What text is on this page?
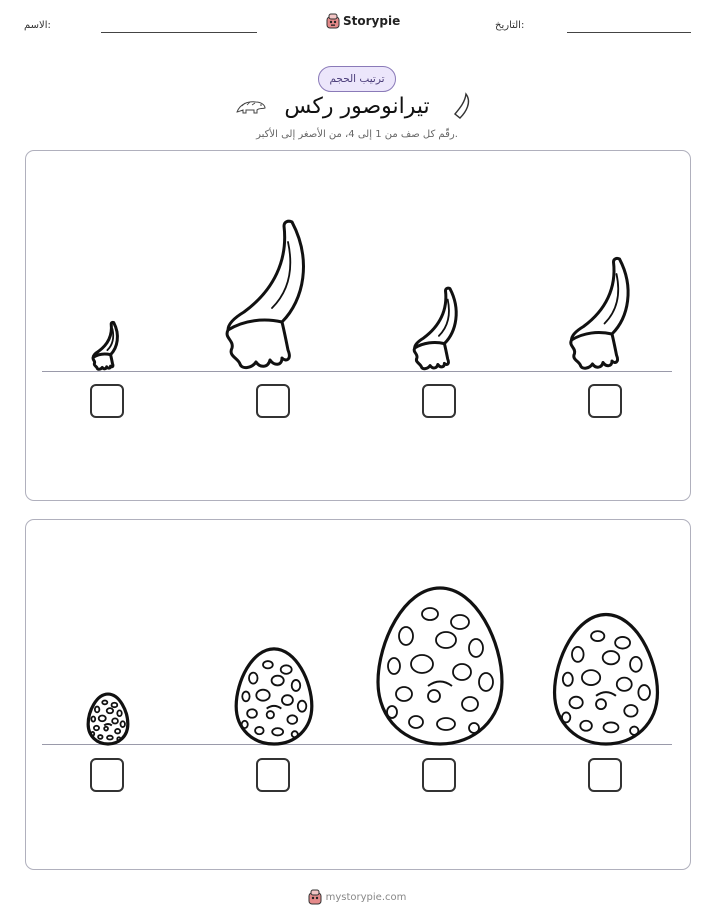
الاسم:	Storypie	التاريخ:
ترتيب الحجم
تيرانوصور ركس
رقّم كل صف من 1 إلى 4، من الأصغر إلى الأكبر.
mystorypie.com
